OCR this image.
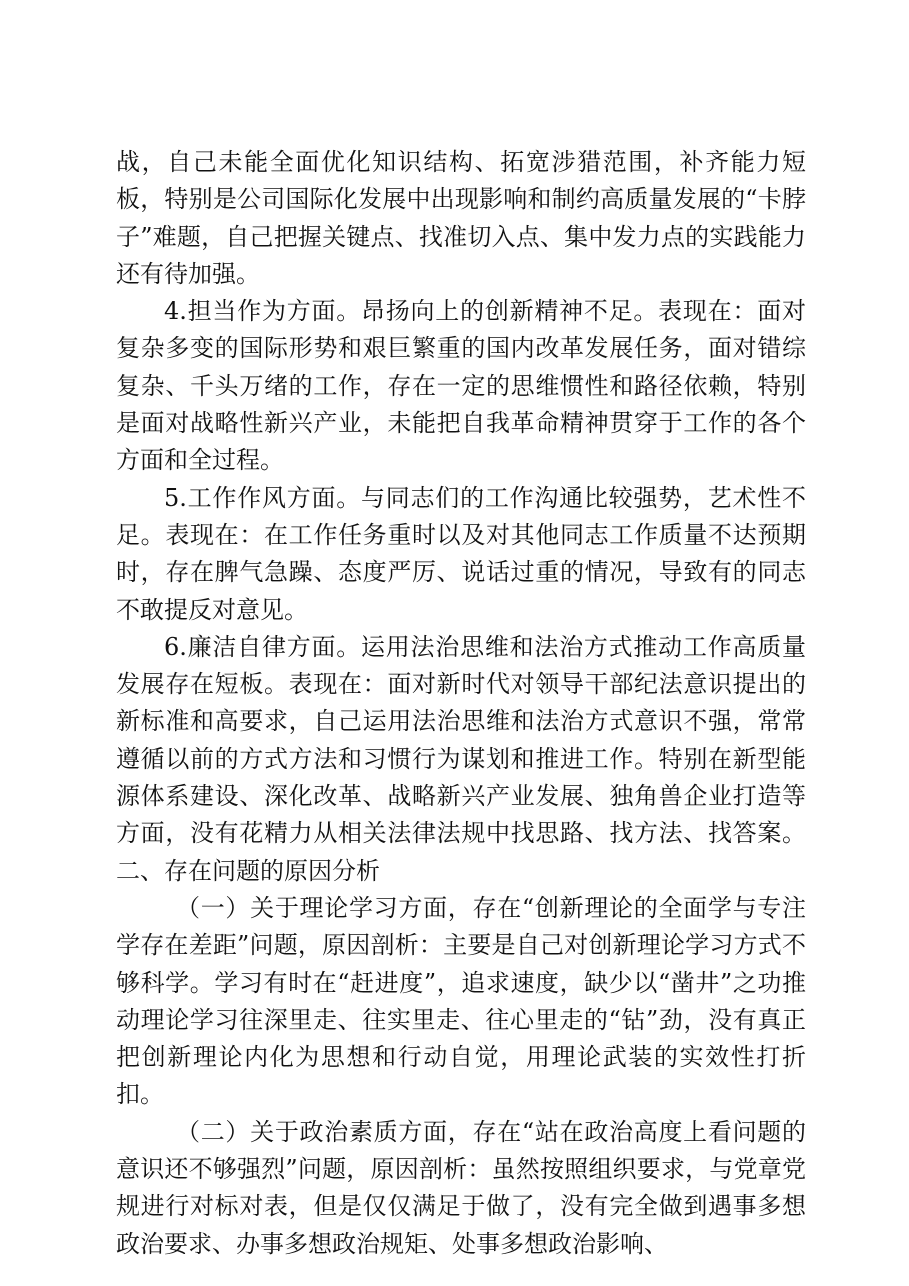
战，自己未能全面优化知识结构、拓宽涉猎范围，补齐能力短板，特别是公司国际化发展中出现影响和制约高质量发展的“卡脖子”难题，自己把握关键点、找准切入点、集中发力点的实践能力还有待加强。

4.担当作为方面。昂扬向上的创新精神不足。表现在：面对复杂多变的国际形势和艰巨繁重的国内改革发展任务，面对错综复杂、千头万绪的工作，存在一定的思维惯性和路径依赖，特别是面对战略性新兴产业，未能把自我革命精神贯穿于工作的各个方面和全过程。

5.工作作风方面。与同志们的工作沟通比较强势，艺术性不足。表现在：在工作任务重时以及对其他同志工作质量不达预期时，存在脾气急躁、态度严厉、说话过重的情况，导致有的同志不敢提反对意见。

6.廉洁自律方面。运用法治思维和法治方式推动工作高质量发展存在短板。表现在：面对新时代对领导干部纪法意识提出的新标准和高要求，自己运用法治思维和法治方式意识不强，常常遵循以前的方式方法和习惯行为谋划和推进工作。特别在新型能源体系建设、深化改革、战略新兴产业发展、独角兽企业打造等方面，没有花精力从相关法律法规中找思路、找方法、找答案。二、存在问题的原因分析

（一）关于理论学习方面，存在“创新理论的全面学与专注学存在差距”问题，原因剖析：主要是自己对创新理论学习方式不够科学。学习有时在“赶进度”，追求速度，缺少以“凿井”之功推动理论学习往深里走、往实里走、往心里走的“钻”劲，没有真正把创新理论内化为思想和行动自觉，用理论武装的实效性打折扣。

（二）关于政治素质方面，存在“站在政治高度上看问题的意识还不够强烈”问题，原因剖析：虽然按照组织要求，与党章党规进行对标对表，但是仅仅满足于做了，没有完全做到遇事多想政治要求、办事多想政治规矩、处事多想政治影响、
